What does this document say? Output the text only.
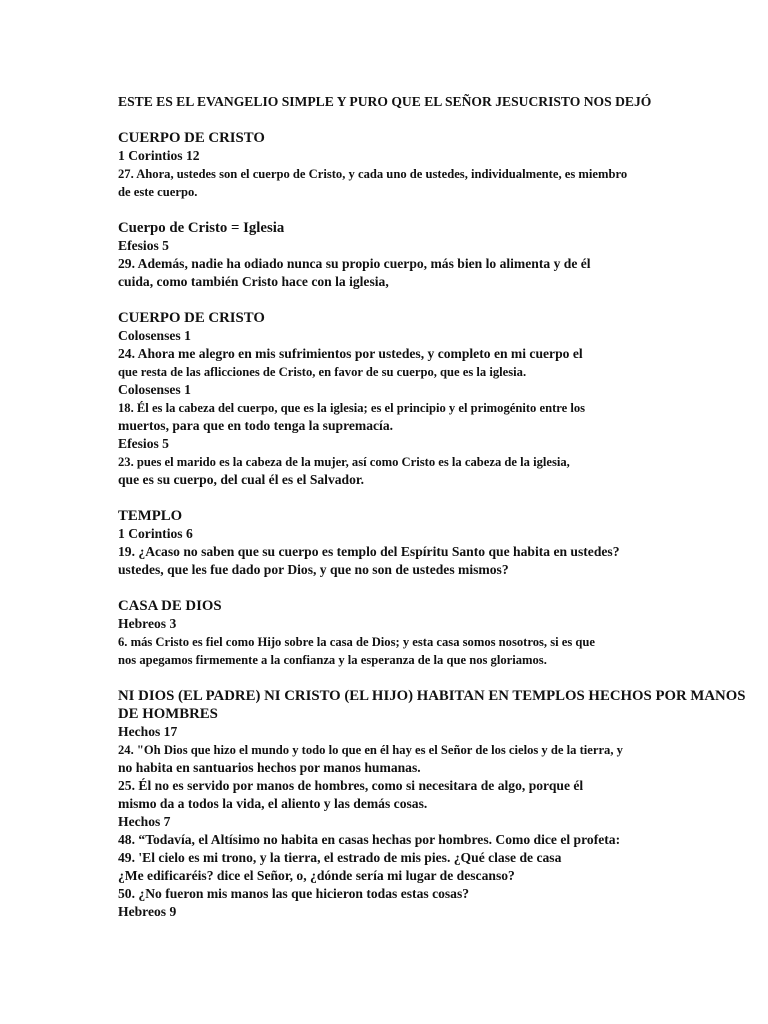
ESTE ES EL EVANGELIO SIMPLE Y PURO QUE EL SEÑOR JESUCRISTO NOS DEJÓ
CUERPO DE CRISTO
1 Corintios 12
27. Ahora, ustedes son el cuerpo de Cristo, y cada uno de ustedes, individualmente, es miembro
de este cuerpo.
Cuerpo de Cristo = Iglesia
Efesios 5
29. Además, nadie ha odiado nunca su propio cuerpo, más bien lo alimenta y de él
cuida, como también Cristo hace con la iglesia,
CUERPO DE CRISTO
Colosenses 1
24. Ahora me alegro en mis sufrimientos por ustedes, y completo en mi cuerpo el
que resta de las aflicciones de Cristo, en favor de su cuerpo, que es la iglesia.
Colosenses 1
18. Él es la cabeza del cuerpo, que es la iglesia; es el principio y el primogénito entre los
muertos, para que en todo tenga la supremacía.
Efesios 5
23. pues el marido es la cabeza de la mujer, así como Cristo es la cabeza de la iglesia,
que es su cuerpo, del cual él es el Salvador.
TEMPLO
1 Corintios 6
19. ¿Acaso no saben que su cuerpo es templo del Espíritu Santo que habita en ustedes?
ustedes, que les fue dado por Dios, y que no son de ustedes mismos?
CASA DE DIOS
Hebreos 3
6. más Cristo es fiel como Hijo sobre la casa de Dios; y esta casa somos nosotros, si es que
nos apegamos firmemente a la confianza y la esperanza de la que nos gloriamos.
NI DIOS (EL PADRE) NI CRISTO (EL HIJO) HABITAN EN TEMPLOS HECHOS POR MANOS
DE HOMBRES
Hechos 17
24. "Oh Dios que hizo el mundo y todo lo que en él hay es el Señor de los cielos y de la tierra, y
no habita en santuarios hechos por manos humanas.
25. Él no es servido por manos de hombres, como si necesitara de algo, porque él
mismo da a todos la vida, el aliento y las demás cosas.
Hechos 7
48. “Todavía, el Altísimo no habita en casas hechas por hombres. Como dice el profeta:
49. 'El cielo es mi trono, y la tierra, el estrado de mis pies. ¿Qué clase de casa
¿Me edificaréis? dice el Señor, o, ¿dónde sería mi lugar de descanso?
50. ¿No fueron mis manos las que hicieron todas estas cosas?
Hebreos 9
